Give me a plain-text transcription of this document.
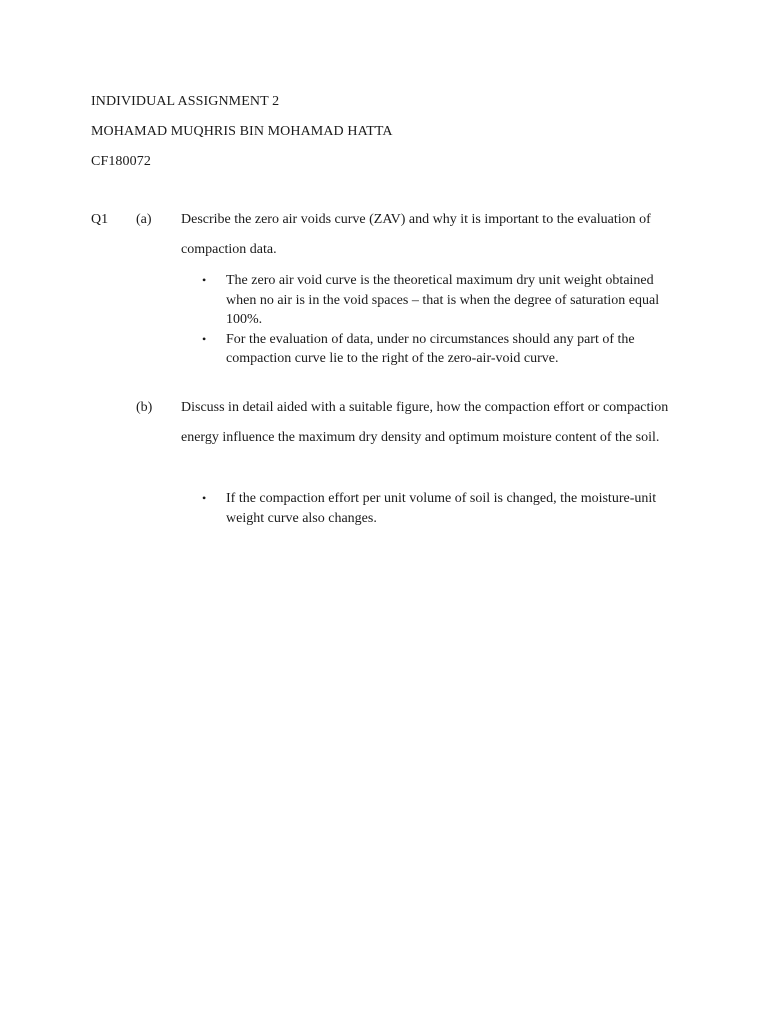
INDIVIDUAL ASSIGNMENT 2
MOHAMAD MUQHRIS BIN MOHAMAD HATTA
CF180072
Q1 (a) Describe the zero air voids curve (ZAV) and why it is important to the evaluation of compaction data.
• The zero air void curve is the theoretical maximum dry unit weight obtained when no air is in the void spaces – that is when the degree of saturation equal 100%.
• For the evaluation of data, under no circumstances should any part of the compaction curve lie to the right of the zero-air-void curve.
(b) Discuss in detail aided with a suitable figure, how the compaction effort or compaction energy influence the maximum dry density and optimum moisture content of the soil.
• If the compaction effort per unit volume of soil is changed, the moisture-unit weight curve also changes.
